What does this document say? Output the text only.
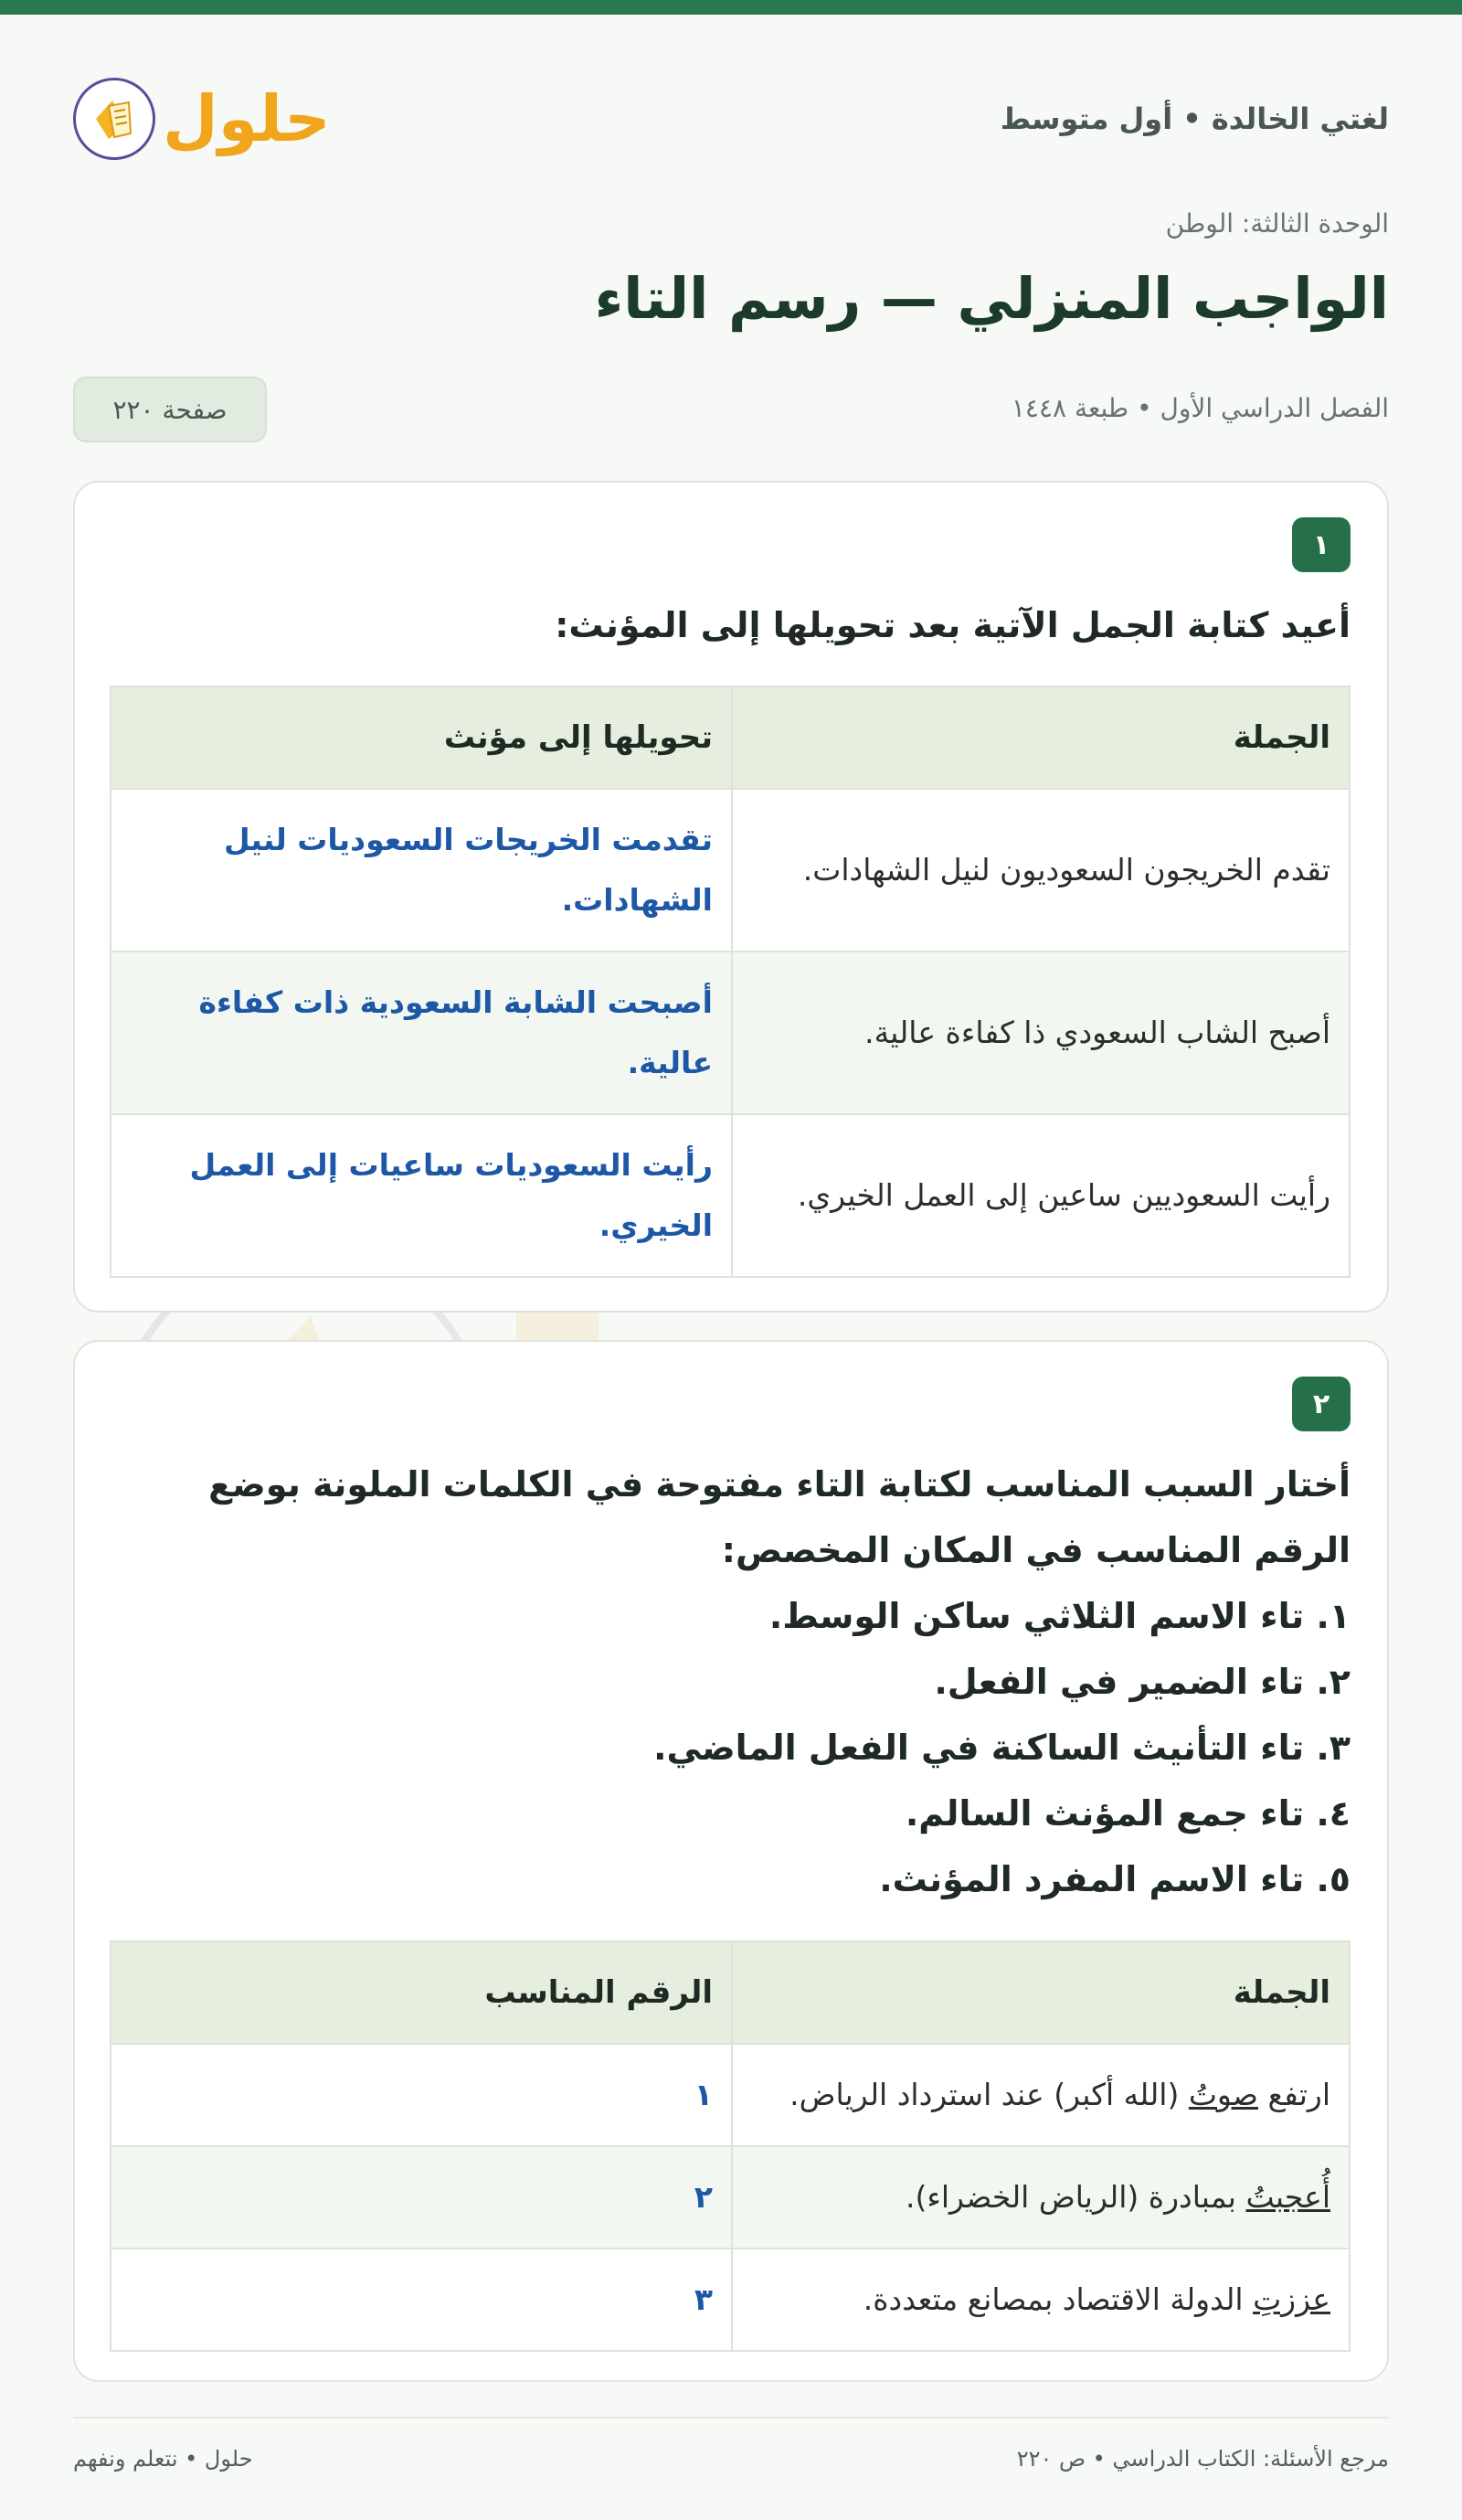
لغتي الخالدة • أول متوسط
حلول
الوحدة الثالثة: الوطن
الواجب المنزلي — رسم التاء
الفصل الدراسي الأول • طبعة ١٤٤٨
صفحة ٢٢٠
١
أعيد كتابة الجمل الآتية بعد تحويلها إلى المؤنث:
الجملة	تحويلها إلى مؤنث
تقدم الخريجون السعوديون لنيل الشهادات.	تقدمت الخريجات السعوديات لنيل الشهادات.
أصبح الشاب السعودي ذا كفاءة عالية.	أصبحت الشابة السعودية ذات كفاءة عالية.
رأيت السعوديين ساعين إلى العمل الخيري.	رأيت السعوديات ساعيات إلى العمل الخيري.
٢
أختار السبب المناسب لكتابة التاء مفتوحة في الكلمات الملونة بوضع الرقم المناسب في المكان المخصص:
١. تاء الاسم الثلاثي ساكن الوسط.
٢. تاء الضمير في الفعل.
٣. تاء التأنيث الساكنة في الفعل الماضي.
٤. تاء جمع المؤنث السالم.
٥. تاء الاسم المفرد المؤنث.
الجملة	الرقم المناسب
ارتفع صوتُ (الله أكبر) عند استرداد الرياض.	١
أُعجبتُ بمبادرة (الرياض الخضراء).	٢
عززتِ الدولة الاقتصاد بمصانع متعددة.	٣
مرجع الأسئلة: الكتاب الدراسي • ص ٢٢٠
حلول • نتعلم ونفهم
